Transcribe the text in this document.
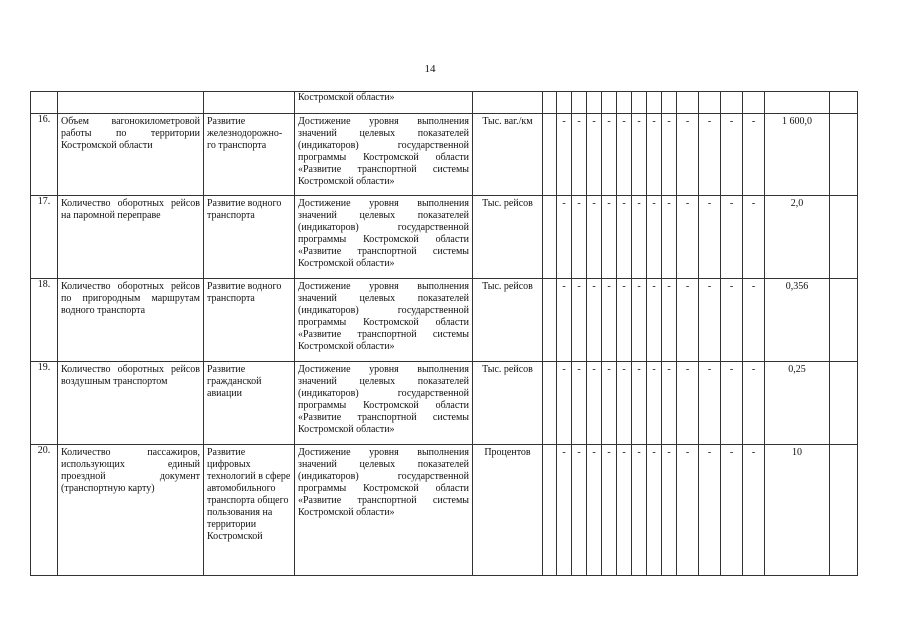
14
			Костромской области»																
16.	Объем вагонокилометровой работы по территории Костромской области	Развитие железнодорожно-го транспорта	Достижение уровня выполнения значений целевых показателей (индикаторов) государственной программы Костромской области «Развитие транспортной системы Костромской области»	Тыс. ваг./км		-	-	-	-	-	-	-	-	-	-	-	-	1 600,0	

17.	Количество оборотных рейсов на паромной переправе	Развитие водного транспорта	Достижение уровня выполнения значений целевых показателей (индикаторов) государственной программы Костромской области «Развитие транспортной системы Костромской области»	Тыс. рейсов		-	-	-	-	-	-	-	-	-	-	-	-	2,0	

18.	Количество оборотных рейсов по пригородным маршрутам водного транспорта	Развитие водного транспорта	Достижение уровня выполнения значений целевых показателей (индикаторов) государственной программы Костромской области «Развитие транспортной системы Костромской области»	Тыс. рейсов		-	-	-	-	-	-	-	-	-	-	-	-	0,356	

19.	Количество оборотных рейсов воздушным транспортом	Развитие гражданской авиации	Достижение уровня выполнения значений целевых показателей (индикаторов) государственной программы Костромской области «Развитие транспортной системы Костромской области»	Тыс. рейсов		-	-	-	-	-	-	-	-	-	-	-	-	0,25	

20.	Количество пассажиров, использующих единый проездной документ (транспортную карту)	Развитие цифровых технологий в сфере автомобильного транспорта общего пользования на территории Костромской	Достижение уровня выполнения значений целевых показателей (индикаторов) государственной программы Костромской области «Развитие транспортной системы Костромской области»	Процентов		-	-	-	-	-	-	-	-	-	-	-	-	10	
